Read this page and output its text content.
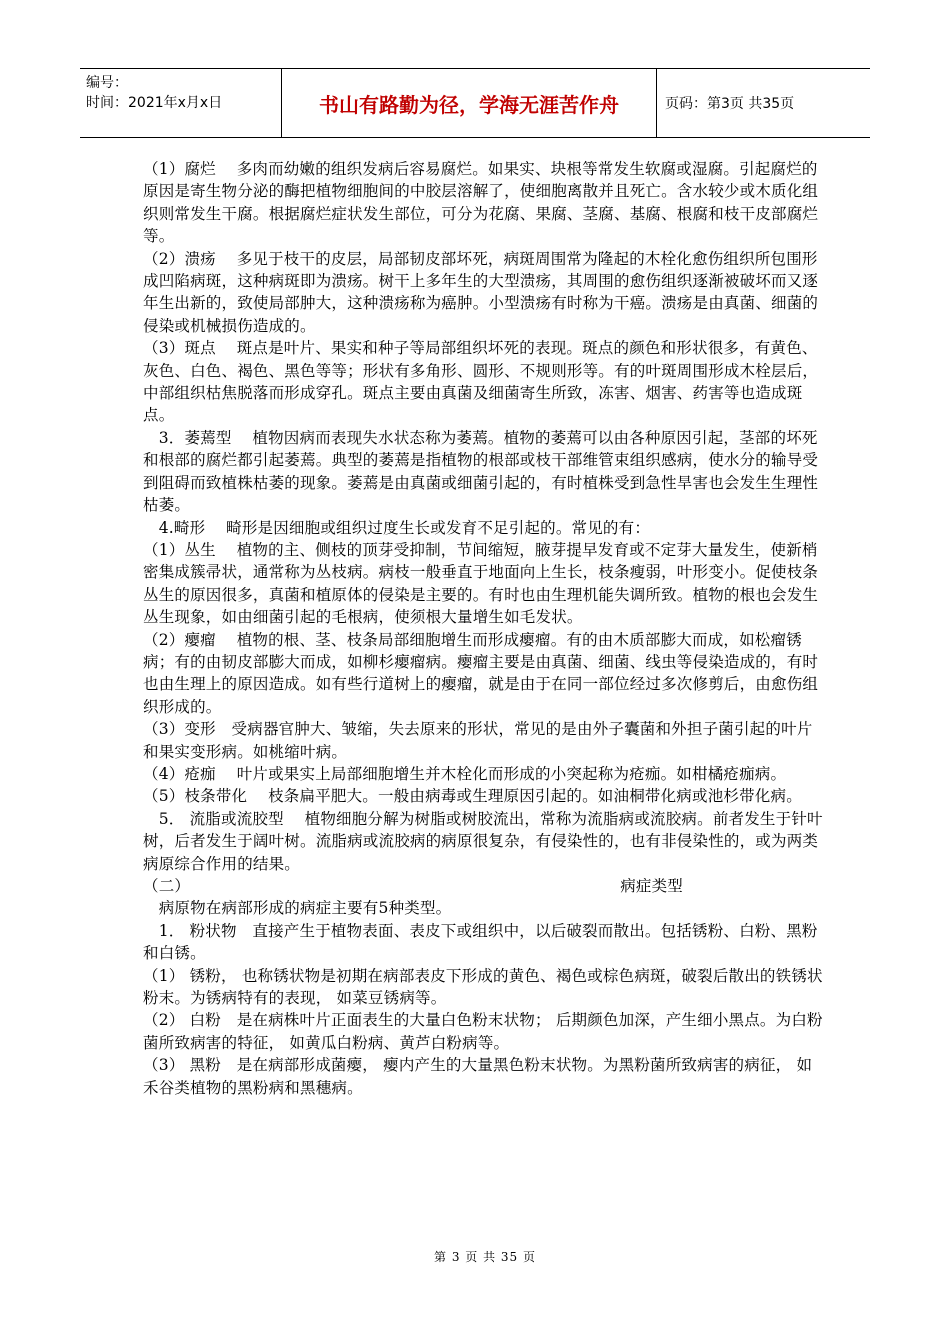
编号：
时间：2021年x月x日	书山有路勤为径，学海无涯苦作舟	页码：第3页 共35页

（1）腐烂　 多肉而幼嫩的组织发病后容易腐烂。如果实、块根等常发生软腐或湿腐。引起腐烂的原因是寄生物分泌的酶把植物细胞间的中胶层溶解了，使细胞离散并且死亡。含水较少或木质化组织则常发生干腐。根据腐烂症状发生部位，可分为花腐、果腐、茎腐、基腐、根腐和枝干皮部腐烂等。

（2）溃疡　 多见于枝干的皮层，局部韧皮部坏死，病斑周围常为隆起的木栓化愈伤组织所包围形成凹陷病斑，这种病斑即为溃疡。树干上多年生的大型溃疡，其周围的愈伤组织逐渐被破坏而又逐年生出新的，致使局部肿大，这种溃疡称为癌肿。小型溃疡有时称为干癌。溃疡是由真菌、细菌的侵染或机械损伤造成的。

（3）斑点　 斑点是叶片、果实和种子等局部组织坏死的表现。斑点的颜色和形状很多，有黄色、灰色、白色、褐色、黑色等等；形状有多角形、圆形、不规则形等。有的叶斑周围形成木栓层后，中部组织枯焦脱落而形成穿孔。斑点主要由真菌及细菌寄生所致，冻害、烟害、药害等也造成斑点。

　3．萎蔫型　 植物因病而表现失水状态称为萎蔫。植物的萎蔫可以由各种原因引起，茎部的坏死和根部的腐烂都引起萎蔫。典型的萎蔫是指植物的根部或枝干部维管束组织感病，使水分的输导受到阻碍而致植株枯萎的现象。萎蔫是由真菌或细菌引起的，有时植株受到急性旱害也会发生生理性枯萎。

　4.畸形　 畸形是因细胞或组织过度生长或发育不足引起的。常见的有：

（1）丛生　 植物的主、侧枝的顶芽受抑制，节间缩短，腋芽提早发育或不定芽大量发生，使新梢密集成簇帚状，通常称为丛枝病。病枝一般垂直于地面向上生长，枝条瘦弱，叶形变小。促使枝条丛生的原因很多，真菌和植原体的侵染是主要的。有时也由生理机能失调所致。植物的根也会发生丛生现象，如由细菌引起的毛根病，使须根大量增生如毛发状。

（2）瘿瘤　 植物的根、茎、枝条局部细胞增生而形成瘿瘤。有的由木质部膨大而成，如松瘤锈病；有的由韧皮部膨大而成，如柳杉瘿瘤病。瘿瘤主要是由真菌、细菌、线虫等侵染造成的，有时也由生理上的原因造成。如有些行道树上的瘿瘤，就是由于在同一部位经过多次修剪后，由愈伤组织形成的。

（3）变形　受病器官肿大、皱缩，失去原来的形状，常见的是由外子囊菌和外担子菌引起的叶片和果实变形病。如桃缩叶病。

（4）疮痂　 叶片或果实上局部细胞增生并木栓化而形成的小突起称为疮痂。如柑橘疮痂病。

（5）枝条带化　 枝条扁平肥大。一般由病毒或生理原因引起的。如油桐带化病或池杉带化病。

　5． 流脂或流胶型　 植物细胞分解为树脂或树胶流出，常称为流脂病或流胶病。前者发生于针叶树，后者发生于阔叶树。流脂病或流胶病的病原很复杂，有侵染性的，也有非侵染性的，或为两类病原综合作用的结果。

（二）	病症类型

　病原物在病部形成的病症主要有5种类型。

　1． 粉状物　直接产生于植物表面、表皮下或组织中，以后破裂而散出。包括锈粉、白粉、黑粉和白锈。

（1） 锈粉， 也称锈状物是初期在病部表皮下形成的黄色、褐色或棕色病斑，破裂后散出的铁锈状粉末。为锈病特有的表现， 如菜豆锈病等。

（2） 白粉　是在病株叶片正面表生的大量白色粉末状物； 后期颜色加深，产生细小黑点。为白粉菌所致病害的特征， 如黄瓜白粉病、黄芦白粉病等。

（3） 黑粉　是在病部形成菌瘿， 瘿内产生的大量黑色粉末状物。为黑粉菌所致病害的病征， 如禾谷类植物的黑粉病和黑穗病。

第 3 页 共 35 页
